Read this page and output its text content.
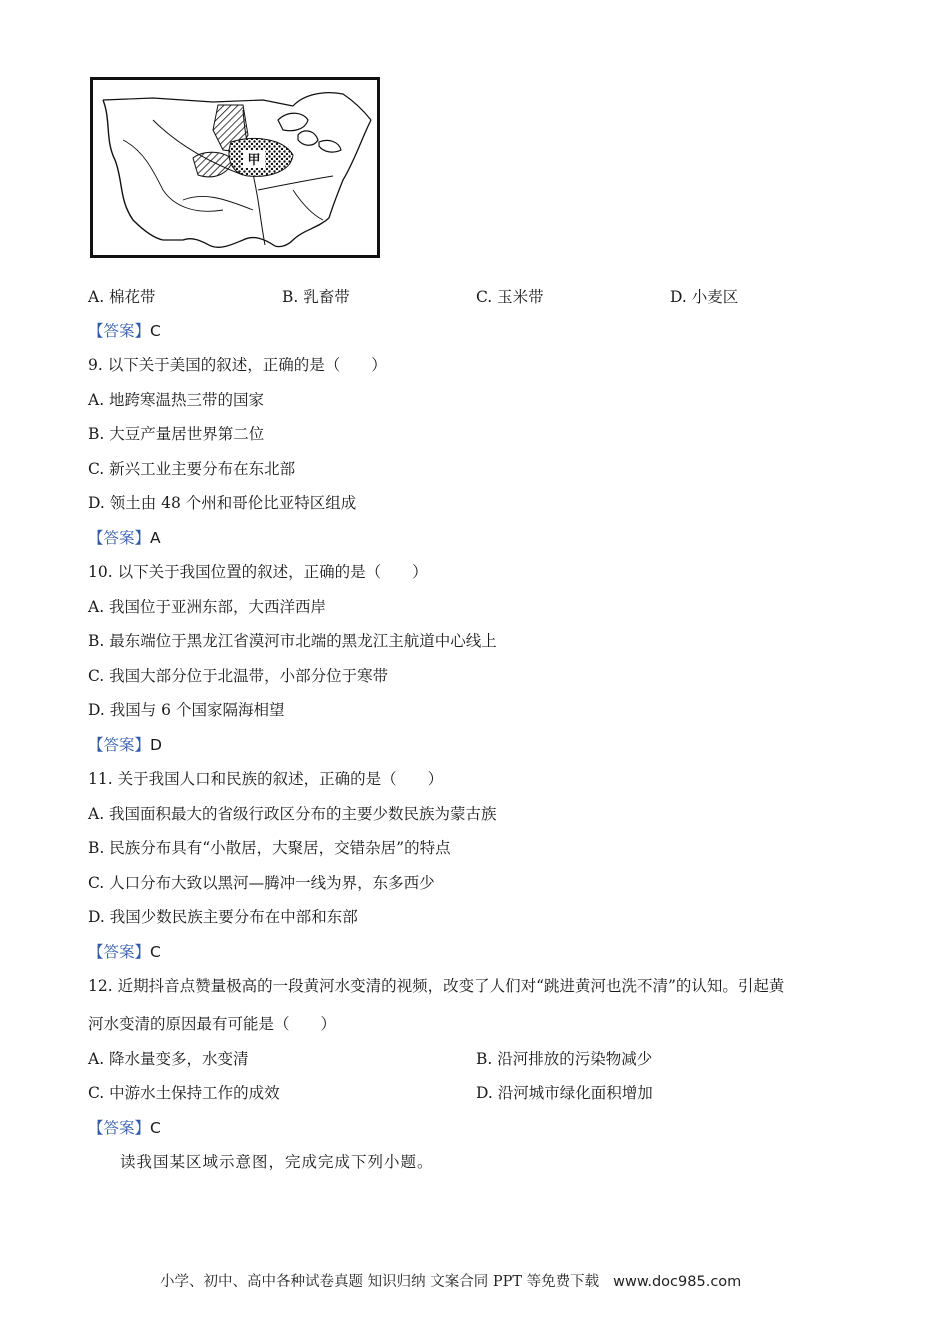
甲
A. 棉花带	B. 乳畜带	C. 玉米带	D. 小麦区
【答案】C
9. 以下关于美国的叙述，正确的是（　　）
A. 地跨寒温热三带的国家
B. 大豆产量居世界第二位
C. 新兴工业主要分布在东北部
D. 领土由 48 个州和哥伦比亚特区组成
【答案】A
10. 以下关于我国位置的叙述，正确的是（　　）
A. 我国位于亚洲东部，大西洋西岸
B. 最东端位于黑龙江省漠河市北端的黑龙江主航道中心线上
C. 我国大部分位于北温带，小部分位于寒带
D. 我国与 6 个国家隔海相望
【答案】D
11. 关于我国人口和民族的叙述，正确的是（　　）
A. 我国面积最大的省级行政区分布的主要少数民族为蒙古族
B. 民族分布具有“小散居，大聚居，交错杂居”的特点
C. 人口分布大致以黑河—腾冲一线为界，东多西少
D. 我国少数民族主要分布在中部和东部
【答案】C
12. 近期抖音点赞量极高的一段黄河水变清的视频，改变了人们对“跳进黄河也洗不清”的认知。引起黄
河水变清的原因最有可能是（　　）
A. 降水量变多，水变清	B. 沿河排放的污染物减少
C. 中游水土保持工作的成效	D. 沿河城市绿化面积增加
【答案】C
读我国某区域示意图，完成完成下列小题。
小学、初中、高中各种试卷真题 知识归纳 文案合同 PPT 等免费下载 www.doc985.com
